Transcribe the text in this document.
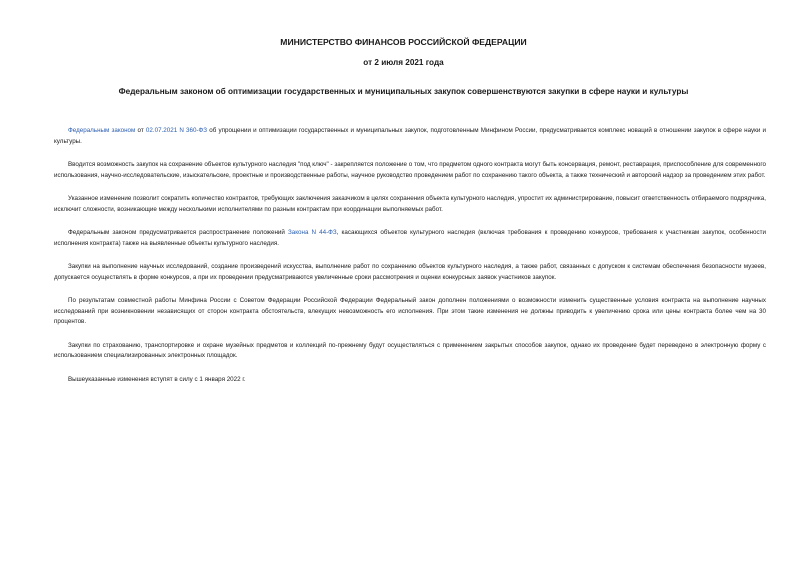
МИНИСТЕРСТВО ФИНАНСОВ РОССИЙСКОЙ ФЕДЕРАЦИИ
от 2 июля 2021 года
Федеральным законом об оптимизации государственных и муниципальных закупок совершенствуются закупки в сфере науки и культуры

Федеральным законом от 02.07.2021 N 360-ФЗ об упрощении и оптимизации государственных и муниципальных закупок, подготовленным Минфином России, предусматривается комплекс новаций в отношении закупок в сфере науки и культуры.

Вводится возможность закупок на сохранение объектов культурного наследия "под ключ" - закрепляется положение о том, что предметом одного контракта могут быть консервация, ремонт, реставрация, приспособление для современного использования, научно-исследовательские, изыскательские, проектные и производственные работы, научное руководство проведением работ по сохранению такого объекта, а также технический и авторский надзор за проведением этих работ.

Указанное изменение позволит сократить количество контрактов, требующих заключения заказчиком в целях сохранения объекта культурного наследия, упростит их администрирование, повысит ответственность отбираемого подрядчика, исключит сложности, возникающие между несколькими исполнителями по разным контрактам при координации выполняемых работ.

Федеральным законом предусматривается распространение положений Закона N 44-ФЗ, касающихся объектов культурного наследия (включая требования к проведению конкурсов, требования к участникам закупок, особенности исполнения контракта) также на выявленные объекты культурного наследия.

Закупки на выполнение научных исследований, создание произведений искусства, выполнение работ по сохранению объектов культурного наследия, а также работ, связанных с допуском к системам обеспечения безопасности музеев, допускается осуществлять в форме конкурсов, а при их проведении предусматриваются увеличенные сроки рассмотрения и оценки конкурсных заявок участников закупок.

По результатам совместной работы Минфина России с Советом Федерации Российской Федерации Федеральный закон дополнен положениями о возможности изменить существенные условия контракта на выполнение научных исследований при возникновении независящих от сторон контракта обстоятельств, влекущих невозможность его исполнения. При этом такие изменения не должны приводить к увеличению срока или цены контракта более чем на 30 процентов.

Закупки по страхованию, транспортировке и охране музейных предметов и коллекций по-прежнему будут осуществляться с применением закрытых способов закупок, однако их проведение будет переведено в электронную форму с использованием специализированных электронных площадок.

Вышеуказанные изменения вступят в силу с 1 января 2022 г.
